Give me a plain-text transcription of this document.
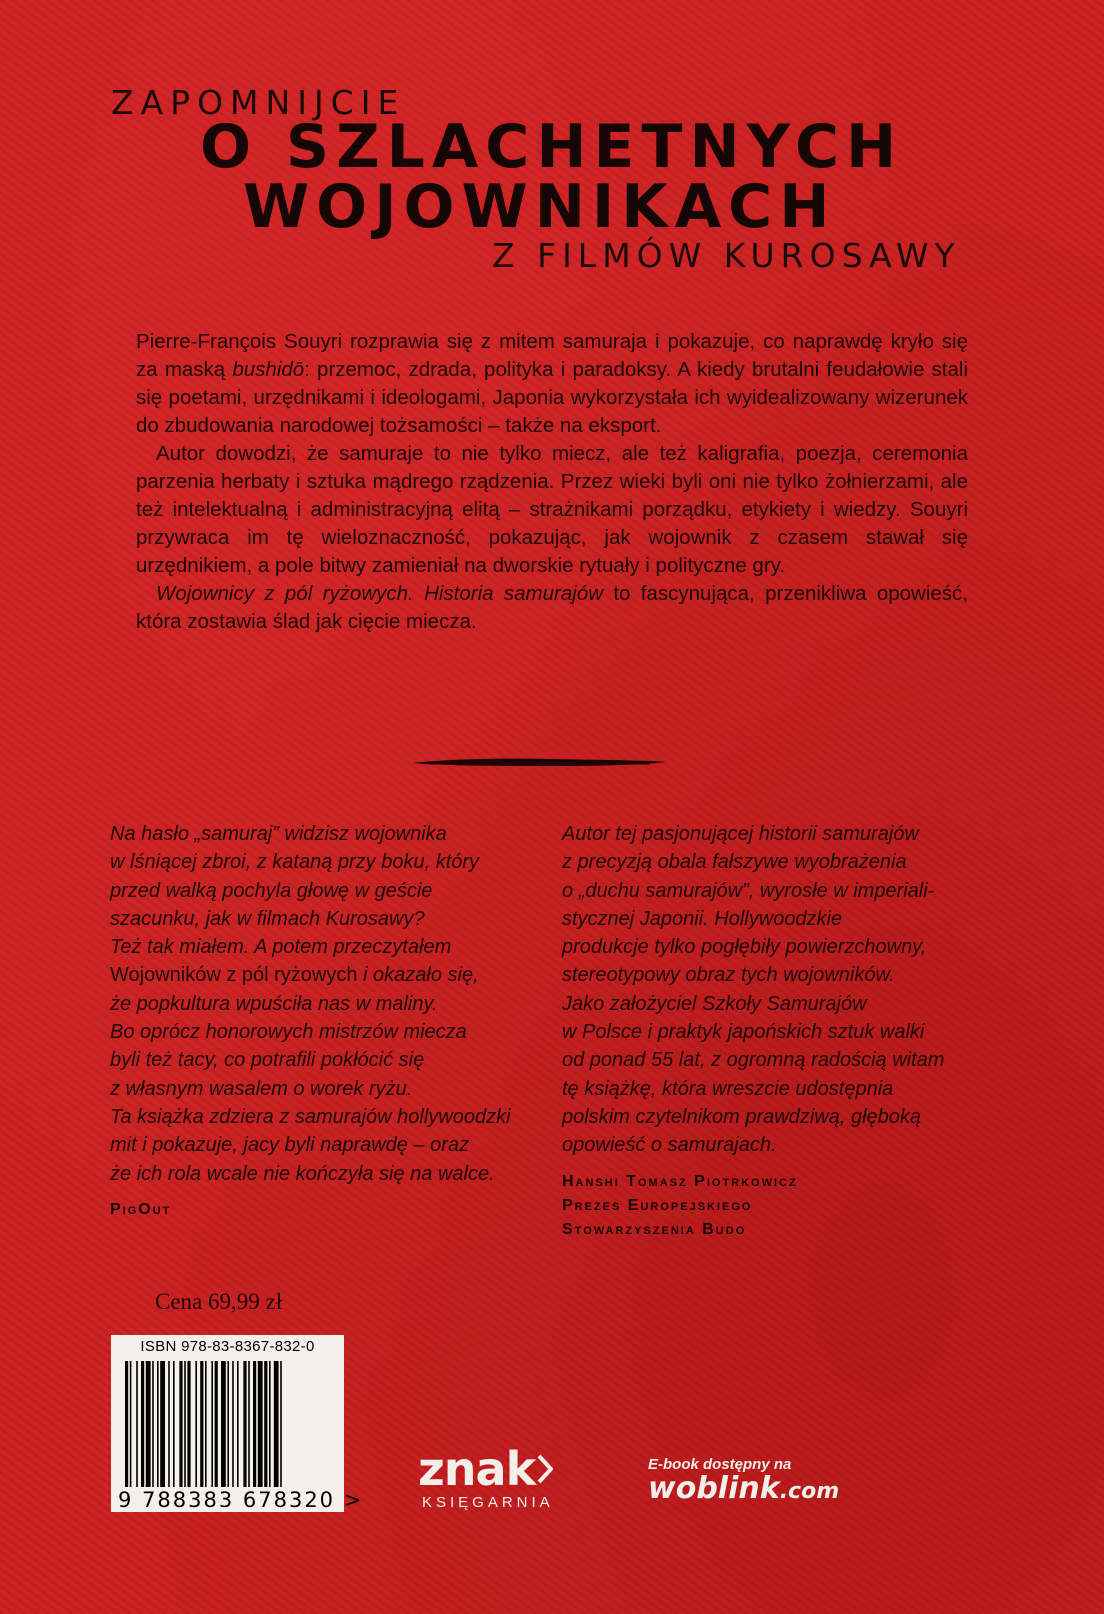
ZAPOMNIJCIE
O SZLACHETNYCH
WOJOWNIKACH
Z FILMÓW KUROSAWY

Pierre-François Souyri rozprawia się z mitem samuraja i pokazuje, co naprawdę kryło się za maską bushidō: przemoc, zdrada, polityka i paradoksy. A kiedy brutalni feudałowie stali się poetami, urzędnikami i ideologami, Japonia wykorzystała ich wyidealizowany wizerunek do zbudowania narodowej tożsamości – także na eksport.

Autor dowodzi, że samuraje to nie tylko miecz, ale też kaligrafia, poezja, ceremonia parzenia herbaty i sztuka mądrego rządzenia. Przez wieki byli oni nie tylko żołnierzami, ale też intelektualną i administracyjną elitą – strażnikami porządku, etykiety i wiedzy. Souyri przywraca im tę wieloznaczność, pokazując, jak wojownik z czasem stawał się urzędnikiem, a pole bitwy zamieniał na dworskie rytuały i polityczne gry.

Wojownicy z pól ryżowych. Historia samurajów to fascynująca, przenikliwa opowieść, która zostawia ślad jak cięcie miecza.

Na hasło „samuraj” widzisz wojownika
w lśniącej zbroi, z kataną przy boku, który
przed walką pochyla głowę w geście
szacunku, jak w filmach Kurosawy?
Też tak miałem. A potem przeczytałem
Wojowników z pól ryżowych i okazało się,
że popkultura wpuściła nas w maliny.
Bo oprócz honorowych mistrzów miecza
byli też tacy, co potrafili pokłócić się
z własnym wasalem o worek ryżu.
Ta książka zdziera z samurajów hollywoodzki
mit i pokazuje, jacy byli naprawdę – oraz
że ich rola wcale nie kończyła się na walce.
PigOut
Autor tej pasjonującej historii samurajów
z precyzją obala fałszywe wyobrażenia
o „duchu samurajów”, wyrosłe w imperiali-
stycznej Japonii. Hollywoodzkie
produkcje tylko pogłębiły powierzchowny,
stereotypowy obraz tych wojowników.
Jako założyciel Szkoły Samurajów
w Polsce i praktyk japońskich sztuk walki
od ponad 55 lat, z ogromną radością witam
tę książkę, która wreszcie udostępnia
polskim czytelnikom prawdziwą, głęboką
opowieść o samurajach.
Hanshi Tomasz Piotrkowicz
Prezes Europejskiego
Stowarzyszenia Budo
Cena 69,99 zł
ISBN 978-83-8367-832-0
9 788383 678320 >
znak
KSIĘGARNIA
E-book dostępny na
woblink.com
